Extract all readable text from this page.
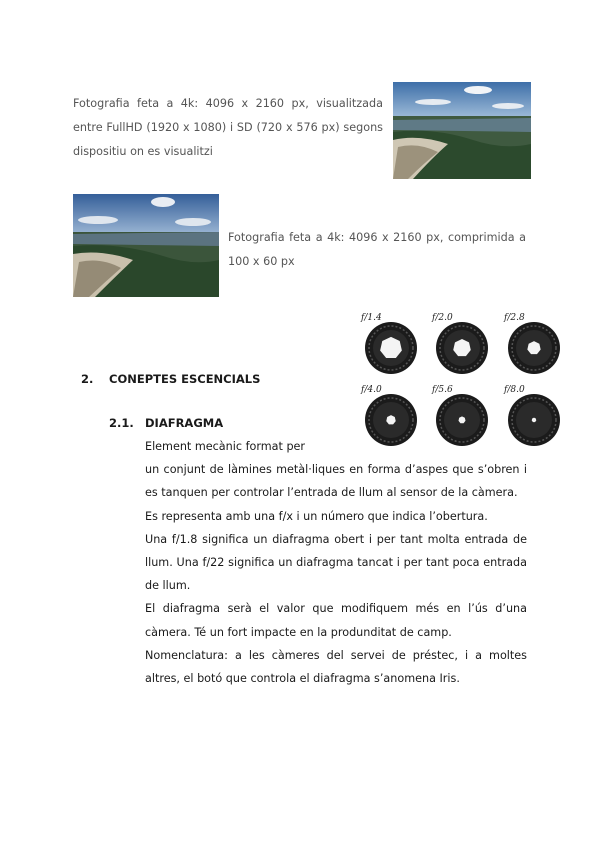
Fotografia feta a 4k: 4096 x 2160 px, visualitzada entre FullHD (1920 x 1080) i SD (720 x 576 px) segons dispositiu on es visualitzi
Fotografia feta a 4k: 4096 x 2160 px, comprimida a 100 x 60 px
f/1.4	f/2.0	f/2.8
f/4.0	f/5.6	f/8.0
2. CONEPTES ESCENCIALS
2.1. DIAFRAGMA

Element mecànic format per

un conjunt de làmines metàl·liques en forma d’aspes que s’obren i es tanquen per controlar l’entrada de llum al sensor de la càmera.

Es representa amb una f/x i un número que indica l’obertura.

Una f/1.8 significa un diafragma obert i per tant molta entrada de llum. Una f/22 significa un diafragma tancat i per tant poca entrada de llum.

El diafragma serà el valor que modifiquem més en l’ús d’una càmera. Té un fort impacte en la produnditat de camp.

Nomenclatura: a les càmeres del servei de préstec, i a moltes altres, el botó que controla el diafragma s’anomena Iris.
